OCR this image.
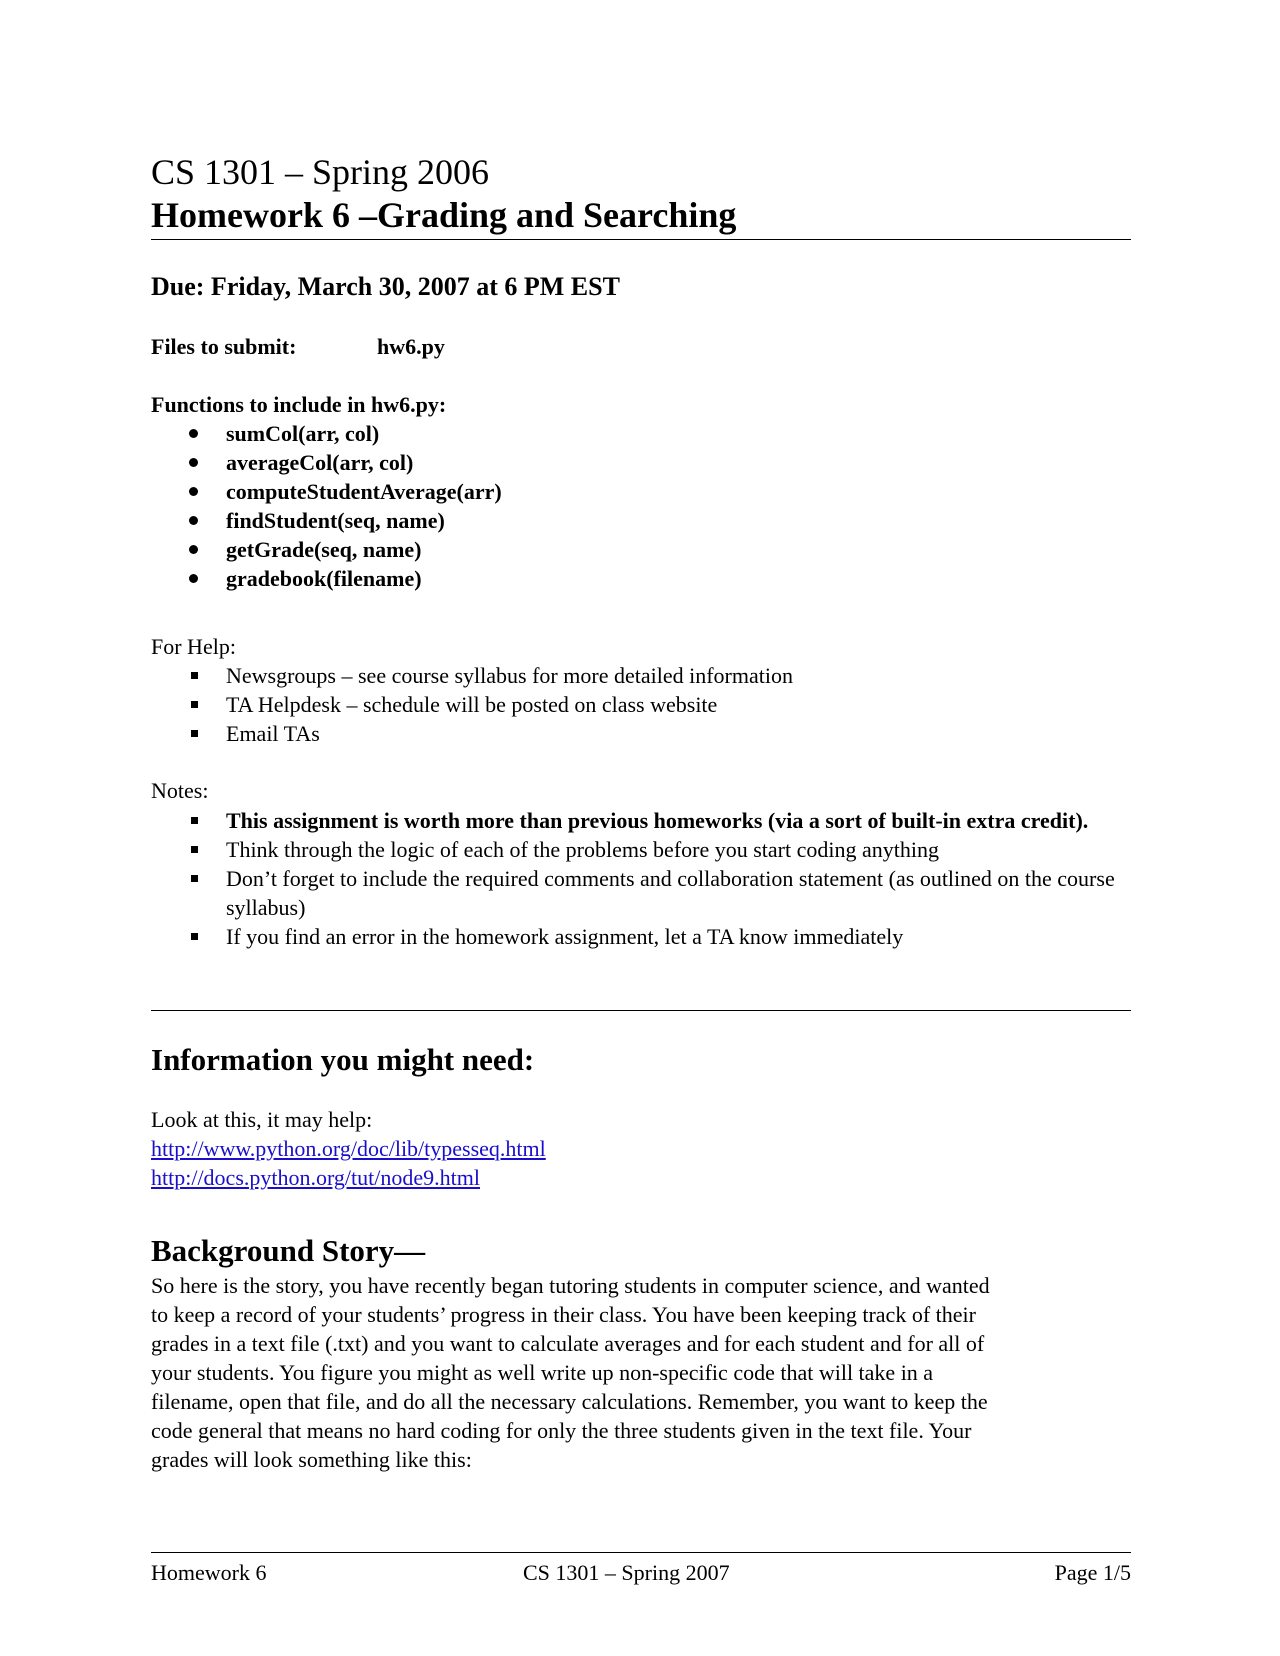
CS 1301 – Spring 2006
Homework 6 –Grading and Searching
Due: Friday, March 30, 2007 at 6 PM EST
Files to submit:	hw6.py
Functions to include in hw6.py:
sumCol(arr, col)
averageCol(arr, col)
computeStudentAverage(arr)
findStudent(seq, name)
getGrade(seq, name)
gradebook(filename)
For Help:
Newsgroups – see course syllabus for more detailed information
TA Helpdesk – schedule will be posted on class website
Email TAs
Notes:
This assignment is worth more than previous homeworks (via a sort of built-in extra credit).
Think through the logic of each of the problems before you start coding anything
Don’t forget to include the required comments and collaboration statement (as outlined on the course syllabus)
If you find an error in the homework assignment, let a TA know immediately
Information you might need:
Look at this, it may help:
http://www.python.org/doc/lib/typesseq.html
http://docs.python.org/tut/node9.html
Background Story—
So here is the story, you have recently began tutoring students in computer science, and wanted
to keep a record of your students’ progress in their class. You have been keeping track of their
grades in a text file (.txt) and you want to calculate averages and for each student and for all of
your students. You figure you might as well write up non-specific code that will take in a
filename, open that file, and do all the necessary calculations. Remember, you want to keep the
code general that means no hard coding for only the three students given in the text file. Your
grades will look something like this:
Homework 6	CS 1301 – Spring 2007	Page 1/5
